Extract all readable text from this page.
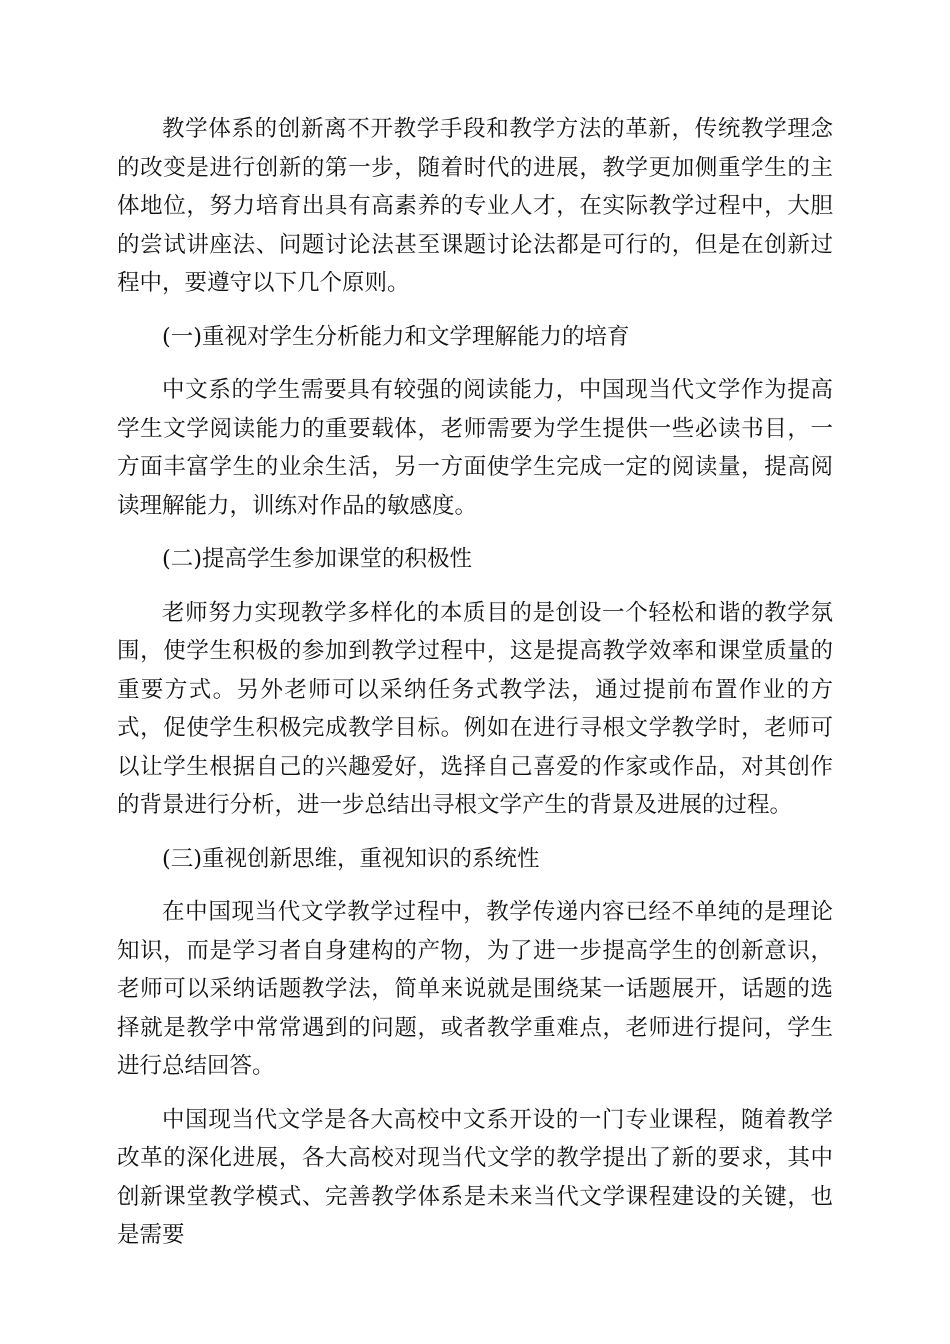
教学体系的创新离不开教学手段和教学方法的革新，传统教学理念的改变是进行创新的第一步，随着时代的进展，教学更加侧重学生的主体地位，努力培育出具有高素养的专业人才，在实际教学过程中，大胆的尝试讲座法、问题讨论法甚至课题讨论法都是可行的，但是在创新过程中，要遵守以下几个原则。

(一)重视对学生分析能力和文学理解能力的培育

中文系的学生需要具有较强的阅读能力，中国现当代文学作为提高学生文学阅读能力的重要载体，老师需要为学生提供一些必读书目，一方面丰富学生的业余生活，另一方面使学生完成一定的阅读量，提高阅读理解能力，训练对作品的敏感度。

(二)提高学生参加课堂的积极性

老师努力实现教学多样化的本质目的是创设一个轻松和谐的教学氛围，使学生积极的参加到教学过程中，这是提高教学效率和课堂质量的重要方式。另外老师可以采纳任务式教学法，通过提前布置作业的方式，促使学生积极完成教学目标。例如在进行寻根文学教学时，老师可以让学生根据自己的兴趣爱好，选择自己喜爱的作家或作品，对其创作的背景进行分析，进一步总结出寻根文学产生的背景及进展的过程。

(三)重视创新思维，重视知识的系统性

在中国现当代文学教学过程中，教学传递内容已经不单纯的是理论知识，而是学习者自身建构的产物，为了进一步提高学生的创新意识，老师可以采纳话题教学法，简单来说就是围绕某一话题展开，话题的选择就是教学中常常遇到的问题，或者教学重难点，老师进行提问，学生进行总结回答。

中国现当代文学是各大高校中文系开设的一门专业课程，随着教学改革的深化进展，各大高校对现当代文学的教学提出了新的要求，其中创新课堂教学模式、完善教学体系是未来当代文学课程建设的关键，也是需要
